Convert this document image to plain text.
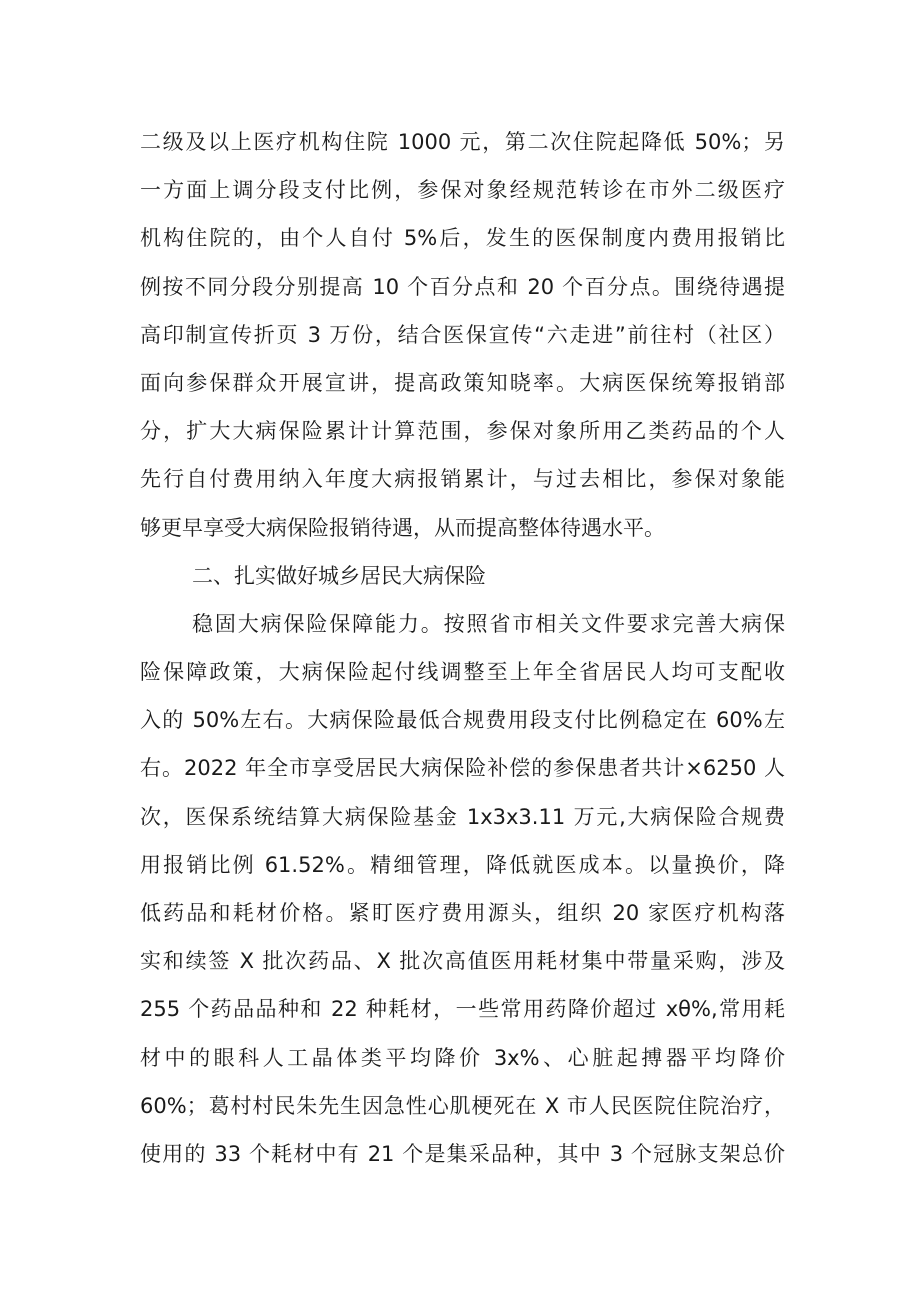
二级及以上医疗机构住院 1000 元，第二次住院起降低 50%；另
一方面上调分段支付比例，参保对象经规范转诊在市外二级医疗
机构住院的，由个人自付 5%后，发生的医保制度内费用报销比
例按不同分段分别提高 10 个百分点和 20 个百分点。围绕待遇提
高印制宣传折页 3 万份，结合医保宣传“六走进”前往村（社区）
面向参保群众开展宣讲，提高政策知晓率。大病医保统筹报销部
分，扩大大病保险累计计算范围，参保对象所用乙类药品的个人
先行自付费用纳入年度大病报销累计，与过去相比，参保对象能
够更早享受大病保险报销待遇，从而提高整体待遇水平。
二、扎实做好城乡居民大病保险
稳固大病保险保障能力。按照省市相关文件要求完善大病保
险保障政策，大病保险起付线调整至上年全省居民人均可支配收
入的 50%左右。大病保险最低合规费用段支付比例稳定在 60%左
右。2022 年全市享受居民大病保险补偿的参保患者共计×6250 人
次，医保系统结算大病保险基金 1x3x3.11 万元,大病保险合规费
用报销比例 61.52%。精细管理，降低就医成本。以量换价，降
低药品和耗材价格。紧盯医疗费用源头，组织 20 家医疗机构落
实和续签 X 批次药品、X 批次高值医用耗材集中带量采购，涉及
255 个药品品种和 22 种耗材，一些常用药降价超过 xθ%,常用耗
材中的眼科人工晶体类平均降价 3x%、心脏起搏器平均降价
60%；葛村村民朱先生因急性心肌梗死在 X 市人民医院住院治疗，
使用的 33 个耗材中有 21 个是集采品种，其中 3 个冠脉支架总价
